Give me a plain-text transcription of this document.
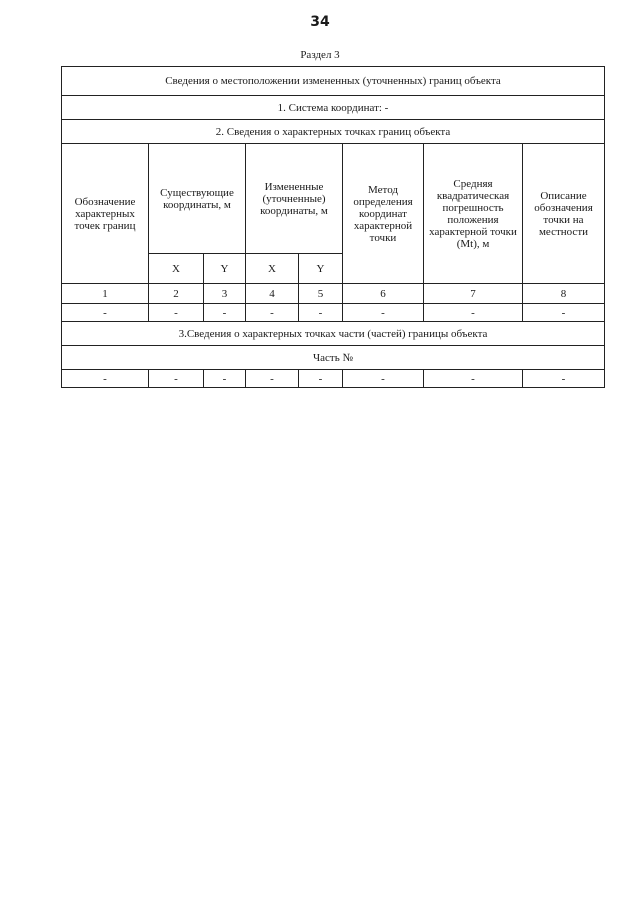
34
Раздел 3
Сведения о местоположении измененных (уточненных) границ объекта							
1. Система координат: -							
2. Сведения о характерных точках границ объекта							
Обозначение характерных точек границ	Существующие координаты, м		Измененные (уточненные) координаты, м		Метод определения координат характерной точки	Средняя квадратическая погрешность положения характерной точки (Mt), м	Описание обозначения точки на местности
	X	Y	X	Y			
1	2	3	4	5	6	7	8
-	-	-	-	-	-	-	-
3.Сведения о характерных точках части (частей) границы объекта							
Часть №							
-	-	-	-	-	-	-	-
